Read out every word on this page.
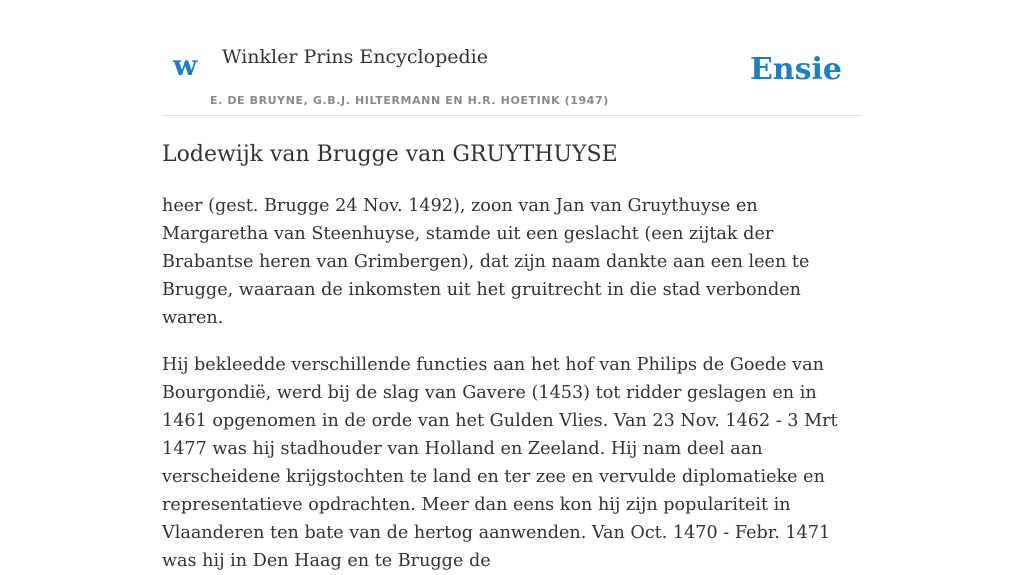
w Winkler Prins Encyclopedie
E. DE BRUYNE, G.B.J. HILTERMANN EN H.R. HOETINK (1947)
Ensie
Lodewijk van Brugge van GRUYTHUYSE

heer (gest. Brugge 24 Nov. 1492), zoon van Jan van Gruythuyse en Margaretha van Steenhuyse, stamde uit een geslacht (een zijtak der Brabantse heren van Grimbergen), dat zijn naam dankte aan een leen te Brugge, waaraan de inkomsten uit het gruitrecht in die stad verbonden waren.

Hij bekleedde verschillende functies aan het hof van Philips de Goede van Bourgondië, werd bij de slag van Gavere (1453) tot ridder geslagen en in 1461 opgenomen in de orde van het Gulden Vlies. Van 23 Nov. 1462 - 3 Mrt 1477 was hij stadhouder van Holland en Zeeland. Hij nam deel aan verscheidene krijgstochten te land en ter zee en vervulde diplomatieke en representatieve opdrachten. Meer dan eens kon hij zijn populariteit in Vlaanderen ten bate van de hertog aanwenden. Van Oct. 1470 - Febr. 1471 was hij in Den Haag en te Brugge de
